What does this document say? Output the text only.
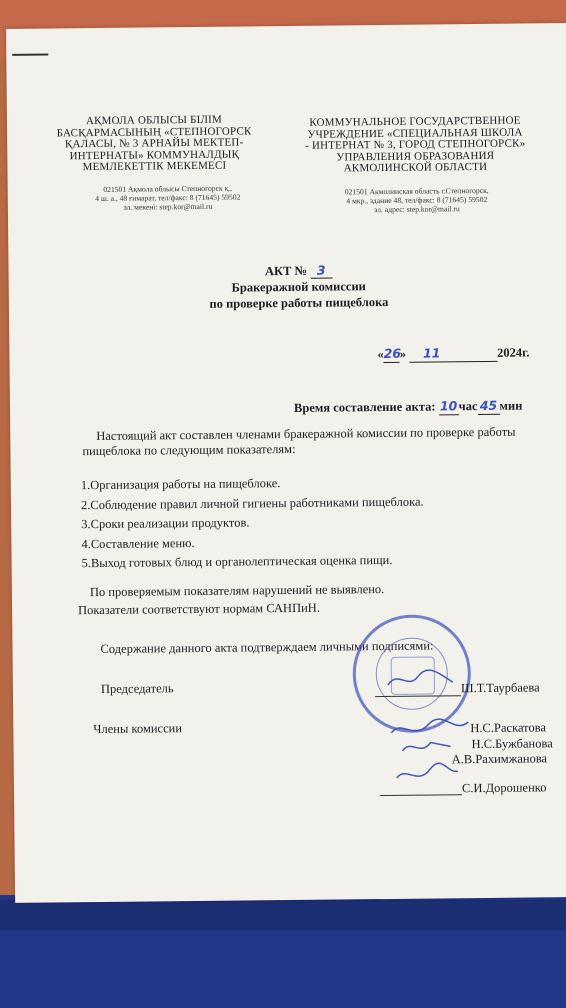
АҚМОЛА ОБЛЫСЫ БІЛІМ
БАСҚАРМАСЫНЫҢ «СТЕПНОГОРСК
ҚАЛАСЫ, № 3 АРНАЙЫ МЕКТЕП-
ИНТЕРНАТЫ» КОММУНАЛДЫҚ
МЕМЛЕКЕТТІК МЕКЕМЕСІ
021501 Ақмола облысы Степногорск қ.,
4 ш. а., 48 ғимарат, тел/факс: 8 (71645) 59502
эл. мекені: step.kor@mail.ru
КОММУНАЛЬНОЕ ГОСУДАРСТВЕННОЕ
УЧРЕЖДЕНИЕ «СПЕЦИАЛЬНАЯ ШКОЛА
- ИНТЕРНАТ № 3, ГОРОД СТЕПНОГОРСК»
УПРАВЛЕНИЯ ОБРАЗОВАНИЯ
АКМОЛИНСКОЙ ОБЛАСТИ
021501 Акмолинская область г.Степногорск,
4 мкр., здание 48, тел/факс: 8 (71645) 59502
эл. адрес: step.kor@mail.ru
АКТ № 3
Бракеражной комиссии
по проверке работы пищеблока
«26» 11	2024г.
Время составление акта: 10час 45 мин
Настоящий акт составлен членами бракеражной комиссии по проверке работы пищеблока по следующим показателям:
1.Организация работы на пищеблоке.
2.Соблюдение правил личной гигиены работниками пищеблока.
3.Сроки реализации продуктов.
4.Составление меню.
5.Выход готовых блюд и органолептическая оценка пищи.
По проверяемым показателям нарушений не выявлено.
Показатели соответствуют нормам САНПиН.
Содержание данного акта подтверждаем личными подписями:
Председатель	Ш.Т.Таурбаева
Члены комиссии	Н.С.Раскатова
Н.С.Бужбанова
А.В.Рахимжанова
С.И.Дорошенко
